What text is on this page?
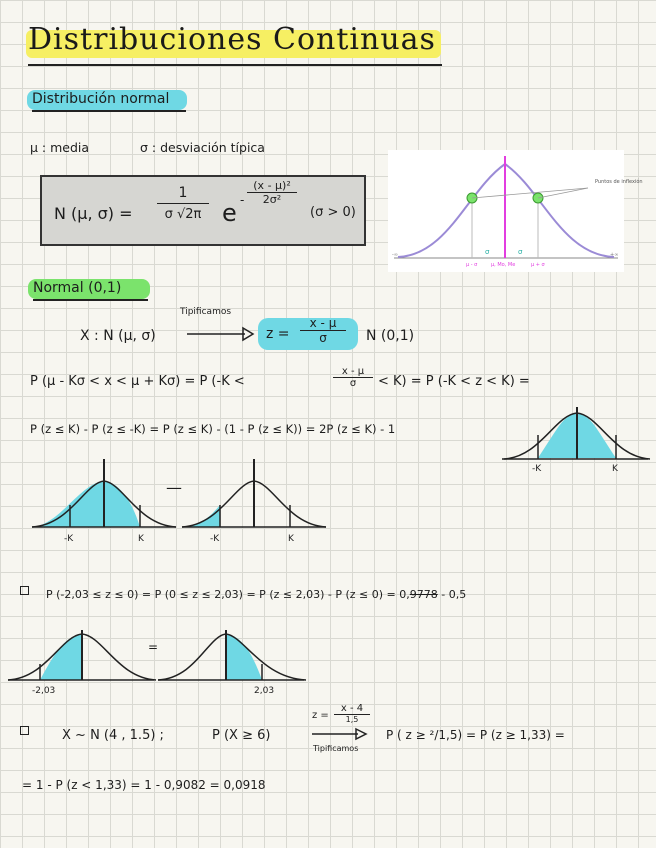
Distribuciones Continuas
Distribución normal
μ : media	σ : desviación típica
N (μ, $\sigma) = \frac{1}{\sigma √2\pi}$ e - $\frac{\text{(x - μ)²}}{\text{2σ²}}$
(σ > 0)
Puntos de inflexión
σ	σ
μ - σ	μ, Mo, Me	μ + σ
-∞	+∞
Normal (0,1)
Tipificamos
X : N (μ, σ)	$z = \frac{x - \mu}{\sigma}$ N (0,1)
P (μ - Kσ < x < μ + Kσ) = P (-K <	$\frac{x - \mu}{\sigma} < K) = P$ (-K < z < K) =
P (z ≤ K) - P (z ≤ -K) = P (z ≤ K) - (1 - P (z ≤ K)) = 2P (z ≤ K) - 1
-K	K
-K	K
—
-K	K
P (-2,03 ≤ z ≤ 0) = P (0 ≤ z ≤ 2,03) = P (z ≤ 2,03) - P (z ≤ 0) = 0,9778 - 0,5
-2,03
=
2,03
X ~ N (4 , 1.5) ;	P (X ≥ 6)
z =
x - 4
1,5
Tipificamos
P ( z ≥ ²/1,5) = P (z ≥ 1,33) =
= 1 - P (z < 1,33) = 1 - 0,9082 = 0,0918
